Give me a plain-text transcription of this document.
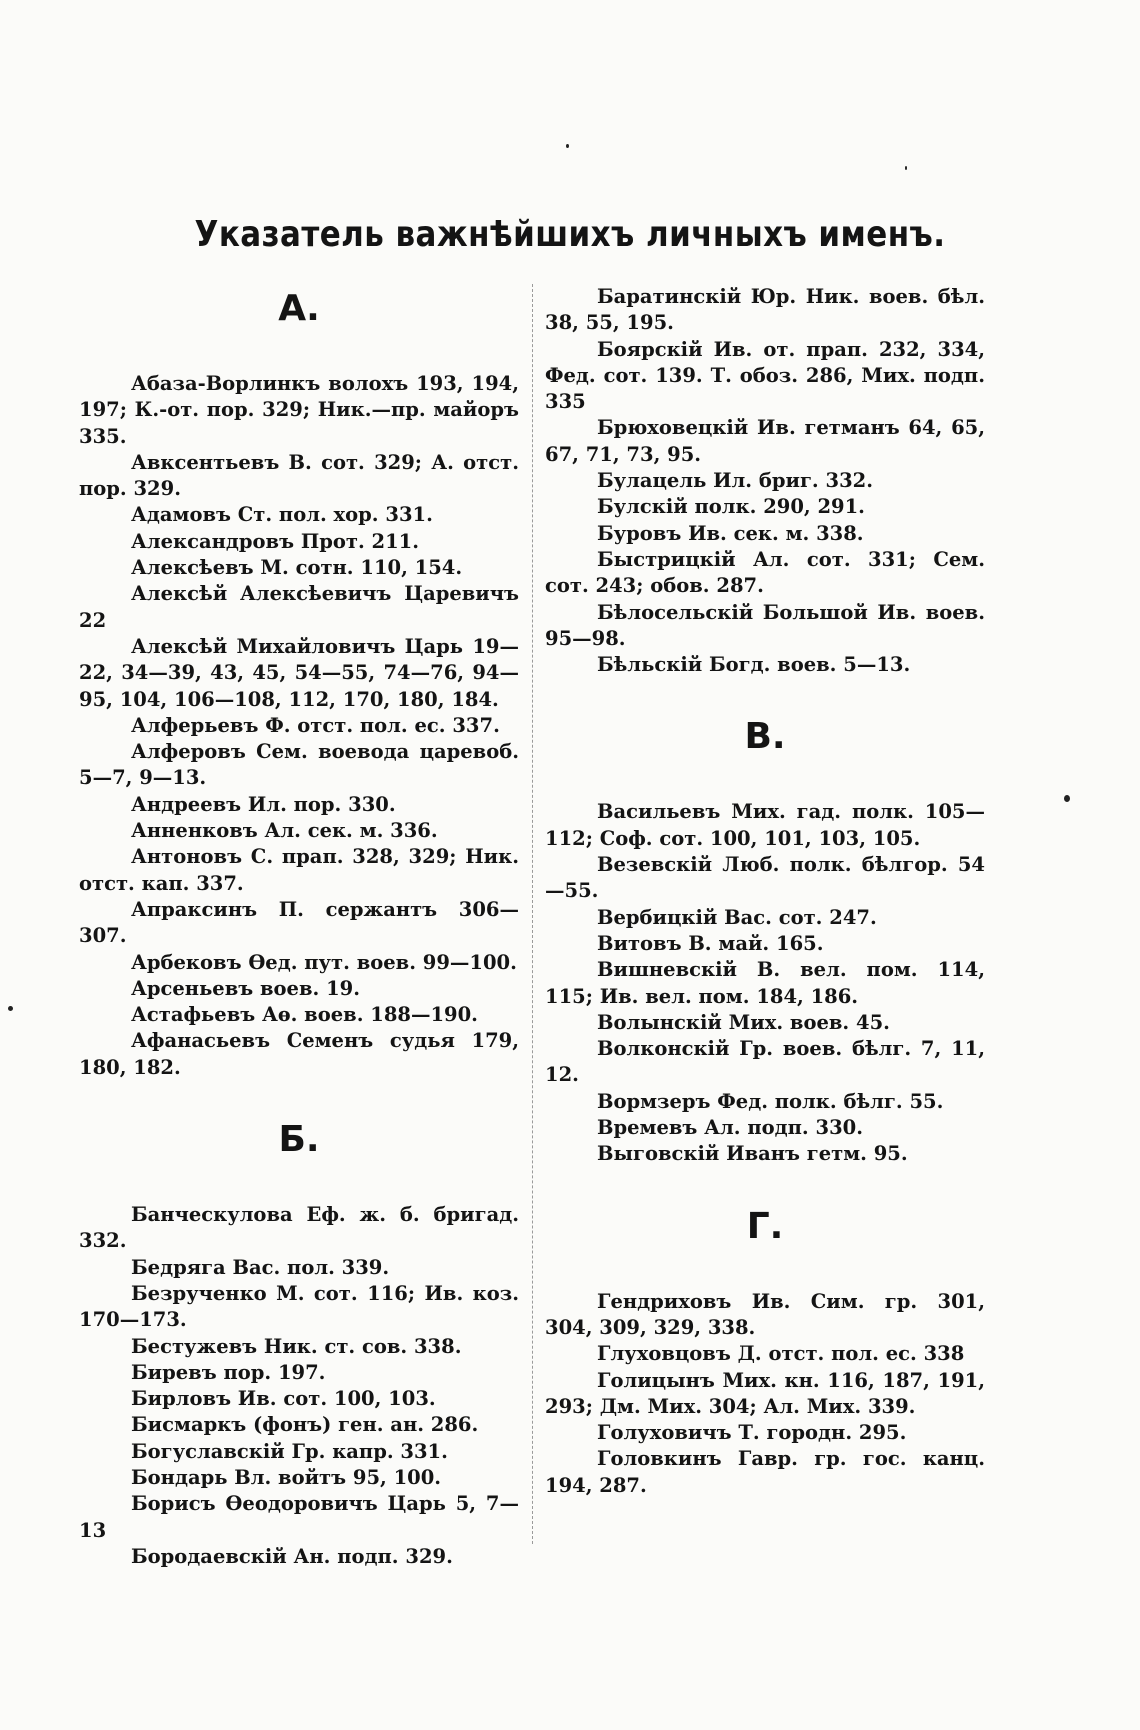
Указатель важнѣйшихъ личныхъ именъ.
А.

Абаза-Ворлинкъ волохъ 193, 194, 197; К.-от. пор. 329; Ник.—пр. майоръ 335.

Авксентьевъ В. сот. 329; А. отст. пор. 329.

Адамовъ Ст. пол. хор. 331.

Александровъ Прот. 211.

Алексѣевъ М. сотн. 110, 154.

Алексѣй Алексѣевичъ Царевичъ 22

Алексѣй Михайловичъ Царь 19—22, 34—39, 43, 45, 54—55, 74—76, 94—95, 104, 106—108, 112, 170, 180, 184.

Алферьевъ Ф. отст. пол. ес. 337.

Алферовъ Сем. воевода царевоб. 5—7, 9—13.

Андреевъ Ил. пор. 330.

Анненковъ Ал. сек. м. 336.

Антоновъ С. прап. 328, 329; Ник. отст. кап. 337.

Апраксинъ П. сержантъ 306—307.

Арбековъ Ѳед. пут. воев. 99—100.

Арсеньевъ воев. 19.

Астафьевъ Аѳ. воев. 188—190.

Афанасьевъ Семенъ судья 179, 180, 182.

Б.

Банческулова Еф. ж. б. бригад. 332.

Бедряга Вас. пол. 339.

Безрученко М. сот. 116; Ив. коз. 170—173.

Бестужевъ Ник. ст. сов. 338.

Биревъ пор. 197.

Бирловъ Ив. сот. 100, 103.

Бисмаркъ (фонъ) ген. ан. 286.

Богуславскій Гр. капр. 331.

Бондарь Вл. войтъ 95, 100.

Борисъ Ѳеодоровичъ Царь 5, 7—13

Бородаевскій Ан. подп. 329.

Баратинскій Юр. Ник. воев. бѣл. 38, 55, 195.

Боярскій Ив. от. прап. 232, 334, Фед. сот. 139. Т. обоз. 286, Мих. подп. 335

Брюховецкій Ив. гетманъ 64, 65, 67, 71, 73, 95.

Булацель Ил. бриг. 332.

Булскій полк. 290, 291.

Буровъ Ив. сек. м. 338.

Быстрицкій Ал. сот. 331; Сем. сот. 243; обов. 287.

Бѣлосельскій Большой Ив. воев. 95—98.

Бѣльскій Богд. воев. 5—13.

В.

Васильевъ Мих. гад. полк. 105—112; Соф. сот. 100, 101, 103, 105.

Везевскій Люб. полк. бѣлгор. 54—55.

Вербицкій Вас. сот. 247.

Витовъ В. май. 165.

Вишневскій В. вел. пом. 114, 115; Ив. вел. пом. 184, 186.

Волынскій Мих. воев. 45.

Волконскій Гр. воев. бѣлг. 7, 11, 12.

Вормзеръ Фед. полк. бѣлг. 55.

Времевъ Ал. подп. 330.

Выговскій Иванъ гетм. 95.

Г.

Гендриховъ Ив. Сим. гр. 301, 304, 309, 329, 338.

Глуховцовъ Д. отст. пол. ес. 338

Голицынъ Мих. кн. 116, 187, 191, 293; Дм. Мих. 304; Ал. Мих. 339.

Голуховичъ Т. городн. 295.

Головкинъ Гавр. гр. гос. канц. 194, 287.
